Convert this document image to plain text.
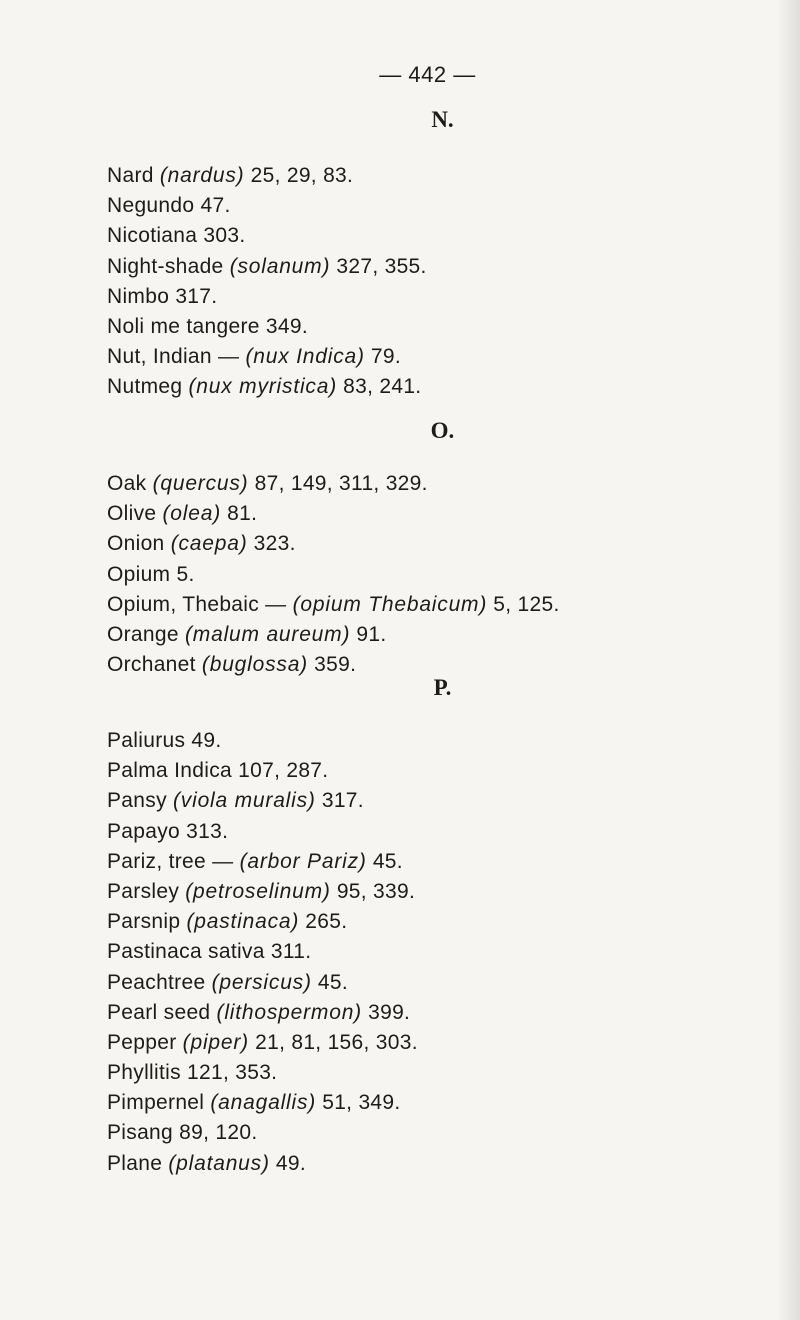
— 442 —
N.
Nard (nardus) 25, 29, 83.
Negundo 47.
Nicotiana 303.
Night-shade (solanum) 327, 355.
Nimbo 317.
Noli me tangere 349.
Nut, Indian — (nux Indica) 79.
Nutmeg (nux myristica) 83, 241.
O.
Oak (quercus) 87, 149, 311, 329.
Olive (olea) 81.
Onion (caepa) 323.
Opium 5.
Opium, Thebaic — (opium Thebaicum) 5, 125.
Orange (malum aureum) 91.
Orchanet (buglossa) 359.
P.
Paliurus 49.
Palma Indica 107, 287.
Pansy (viola muralis) 317.
Papayo 313.
Pariz, tree — (arbor Pariz) 45.
Parsley (petroselinum) 95, 339.
Parsnip (pastinaca) 265.
Pastinaca sativa 311.
Peachtree (persicus) 45.
Pearl seed (lithospermon) 399.
Pepper (piper) 21, 81, 156, 303.
Phyllitis 121, 353.
Pimpernel (anagallis) 51, 349.
Pisang 89, 120.
Plane (platanus) 49.
